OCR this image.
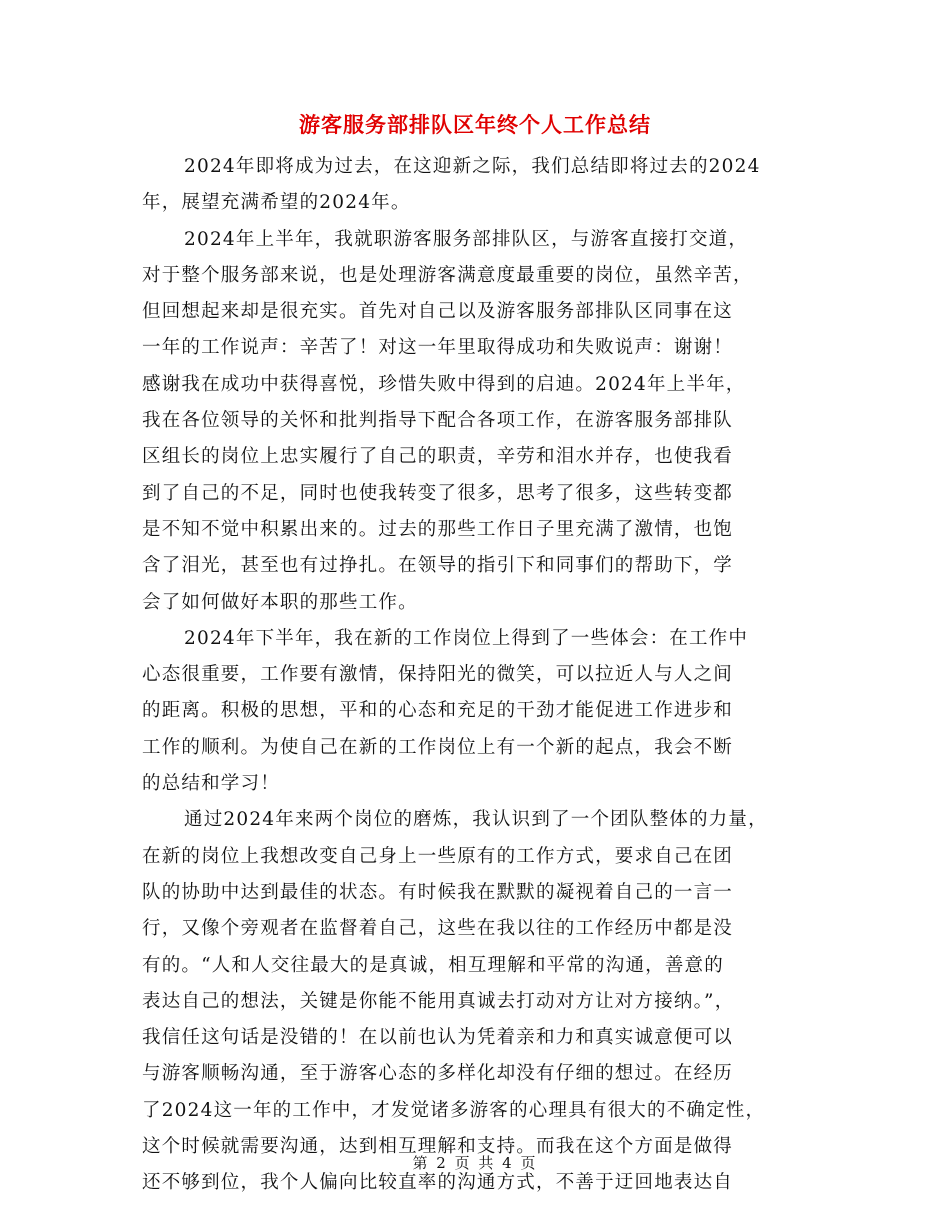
游客服务部排队区年终个人工作总结
2024年即将成为过去，在这迎新之际，我们总结即将过去的2024
年，展望充满希望的2024年。
2024年上半年，我就职游客服务部排队区，与游客直接打交道，
对于整个服务部来说，也是处理游客满意度最重要的岗位，虽然辛苦，
但回想起来却是很充实。首先对自己以及游客服务部排队区同事在这
一年的工作说声：辛苦了！对这一年里取得成功和失败说声：谢谢！
感谢我在成功中获得喜悦，珍惜失败中得到的启迪。2024年上半年，
我在各位领导的关怀和批判指导下配合各项工作，在游客服务部排队
区组长的岗位上忠实履行了自己的职责，辛劳和泪水并存，也使我看
到了自己的不足，同时也使我转变了很多，思考了很多，这些转变都
是不知不觉中积累出来的。过去的那些工作日子里充满了激情，也饱
含了泪光，甚至也有过挣扎。在领导的指引下和同事们的帮助下，学
会了如何做好本职的那些工作。
2024年下半年，我在新的工作岗位上得到了一些体会：在工作中
心态很重要，工作要有激情，保持阳光的微笑，可以拉近人与人之间
的距离。积极的思想，平和的心态和充足的干劲才能促进工作进步和
工作的顺利。为使自己在新的工作岗位上有一个新的起点，我会不断
的总结和学习！
通过2024年来两个岗位的磨炼，我认识到了一个团队整体的力量，
在新的岗位上我想改变自己身上一些原有的工作方式，要求自己在团
队的协助中达到最佳的状态。有时候我在默默的凝视着自己的一言一
行，又像个旁观者在监督着自己，这些在我以往的工作经历中都是没
有的。“人和人交往最大的是真诚，相互理解和平常的沟通，善意的
表达自己的想法，关键是你能不能用真诚去打动对方让对方接纳。”，
我信任这句话是没错的！在以前也认为凭着亲和力和真实诚意便可以
与游客顺畅沟通，至于游客心态的多样化却没有仔细的想过。在经历
了2024这一年的工作中，才发觉诸多游客的心理具有很大的不确定性，
这个时候就需要沟通，达到相互理解和支持。而我在这个方面是做得
还不够到位，我个人偏向比较直率的沟通方式，不善于迂回地表达自
第 2 页 共 4 页
